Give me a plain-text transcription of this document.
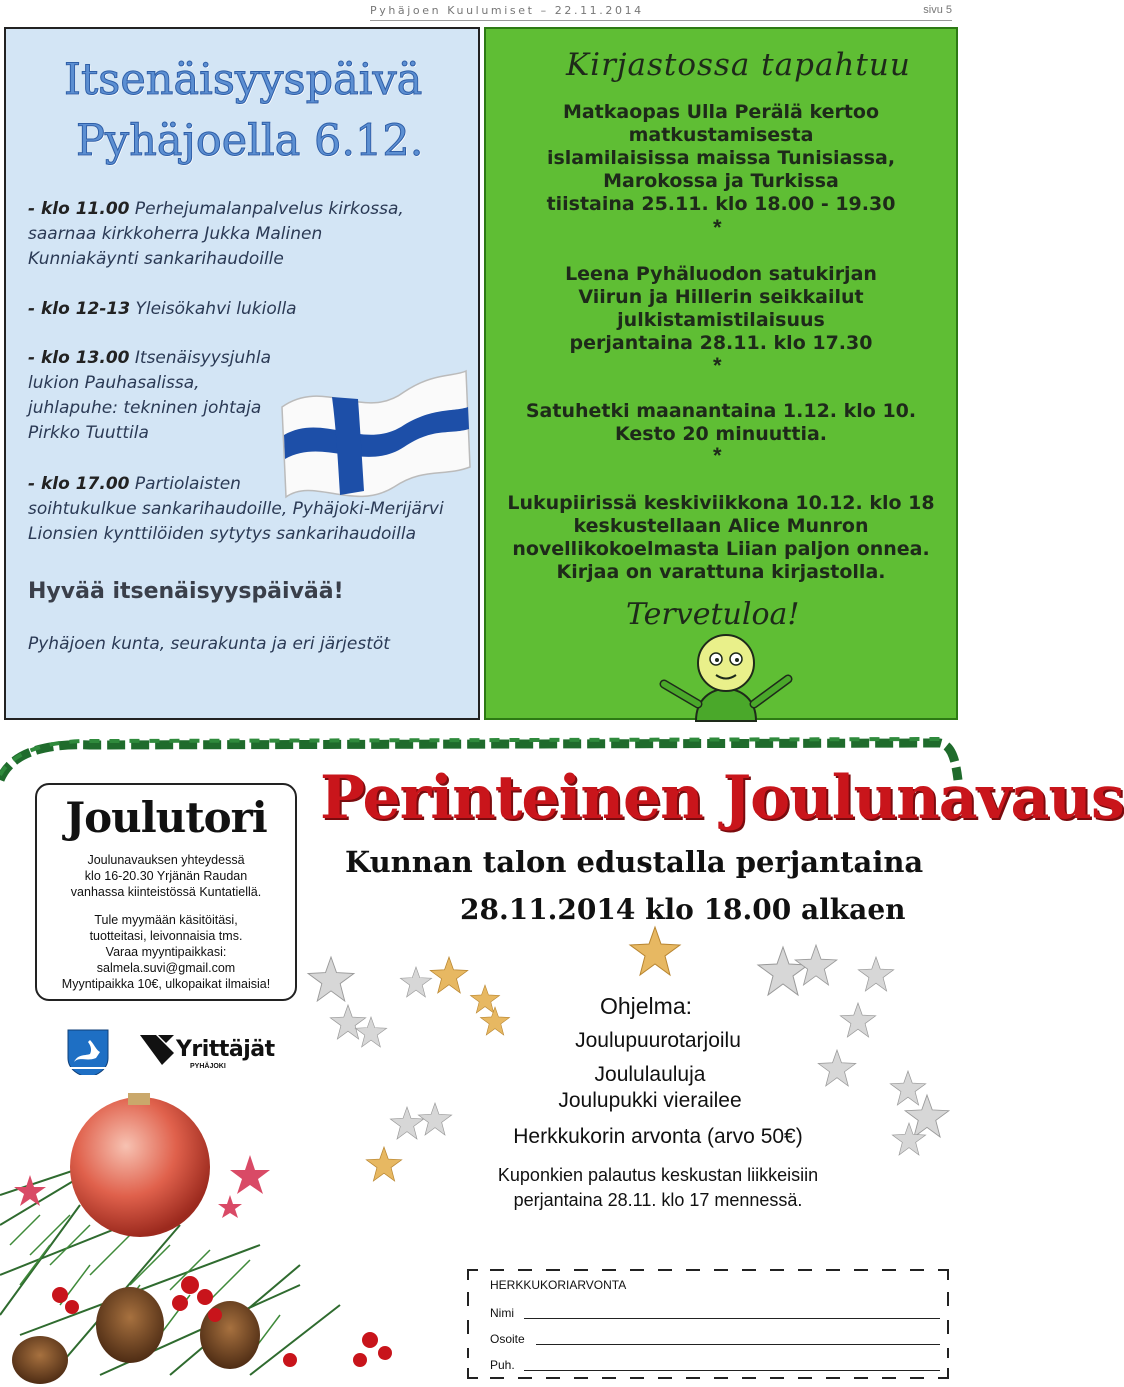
Pyhäjoen Kuulumiset – 22.11.2014	sivu 5
Itsenäisyyspäivä
Pyhäjoella 6.12.
- klo 11.00 Perhejumalanpalvelus kirkossa,
saarnaa kirkkoherra Jukka Malinen
Kunniakäynti sankarihaudoille
- klo 12-13 Yleisökahvi lukiolla
- klo 13.00 Itsenäisyysjuhla
lukion Pauhasalissa,
juhlapuhe: tekninen johtaja
Pirkko Tuuttila
- klo 17.00 Partiolaisten
soihtukulkue sankarihaudoille, Pyhäjoki-Merijärvi
Lionsien kynttilöiden sytytys sankarihaudoilla
Hyvää itsenäisyyspäivää!
Pyhäjoen kunta, seurakunta ja eri järjestöt
Kirjastossa tapahtuu
Matkaopas Ulla Perälä kertoo
matkustamisesta
islamilaisissa maissa Tunisiassa,
Marokossa ja Turkissa
tiistaina 25.11. klo 18.00 - 19.30
*
Leena Pyhäluodon satukirjan
Viirun ja Hillerin seikkailut
julkistamistilaisuus
perjantaina 28.11. klo 17.30
*
Satuhetki maanantaina 1.12. klo 10.
Kesto 20 minuuttia.
*
Lukupiirissä keskiviikkona 10.12. klo 18
keskustellaan Alice Munron
novellikokoelmasta Liian paljon onnea.
Kirjaa on varattuna kirjastolla.
Tervetuloa!
Joulutori
Joulunavauksen yhteydessä
klo 16-20.30 Yrjänän Raudan
vanhassa kiinteistössä Kuntatiellä.
Tule myymään käsitöitäsi,
tuotteitasi, leivonnaisia tms.
Varaa myyntipaikkasi:
salmela.suvi@gmail.com
Myyntipaikka 10€, ulkopaikat ilmaisia!
Yrittäjät
PYHÄJOKI
Perinteinen Joulunavaus
Kunnan talon edustalla perjantaina
28.11.2014 klo 18.00 alkaen
Ohjelma:
Joulupuurotarjoilu
Joululauluja
Joulupukki vierailee
Herkkukorin arvonta (arvo 50€)
Kuponkien palautus keskustan liikkeisiin
perjantaina 28.11. klo 17 mennessä.
HERKKUKORIARVONTA
Nimi
Osoite
Puh.
